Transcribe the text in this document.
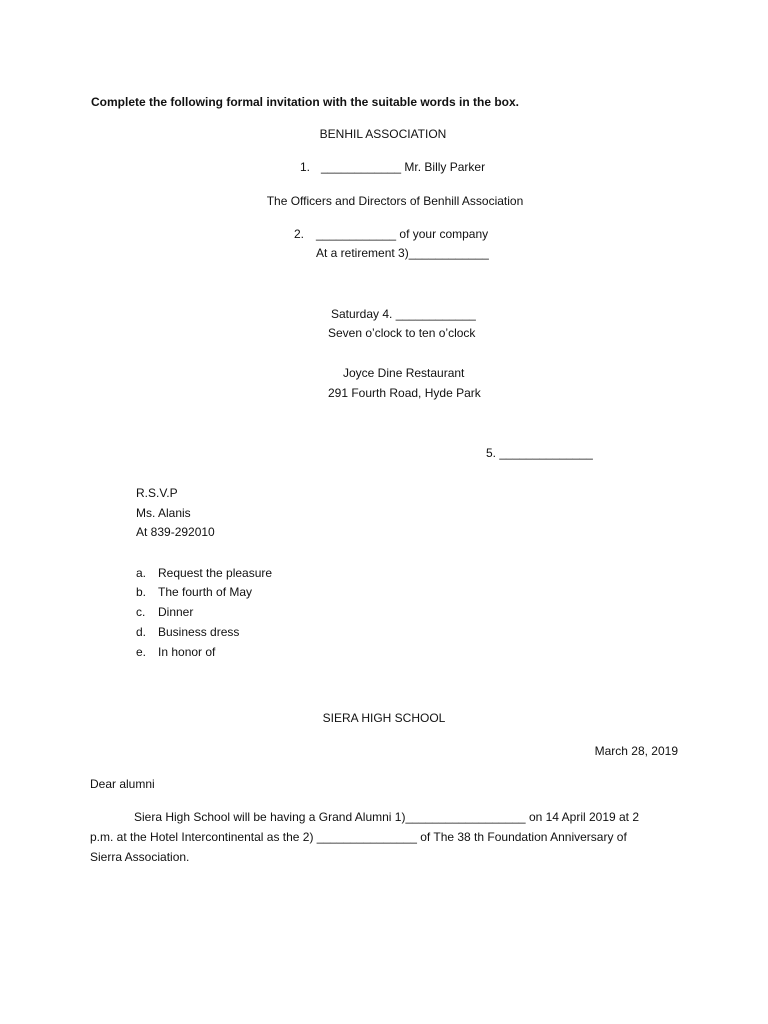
Complete the following formal invitation with the suitable words in the box.
BENHIL ASSOCIATION
1. ____________ Mr. Billy Parker
The Officers and Directors of Benhill Association
2. ____________ of your company
At a retirement 3)____________
Saturday 4. ____________
Seven o’clock to ten o’clock
Joyce Dine Restaurant
291 Fourth Road, Hyde Park
5. ______________
R.S.V.P
Ms. Alanis
At 839-292010
a. Request the pleasure
b. The fourth of May
c. Dinner
d. Business dress
e. In honor of
SIERA HIGH SCHOOL
March 28, 2019
Dear alumni
Siera High School will be having a Grand Alumni 1)__________________ on 14 April 2019 at 2
p.m. at the Hotel Intercontinental as the 2) _______________ of The 38 th Foundation Anniversary of
Sierra Association.
